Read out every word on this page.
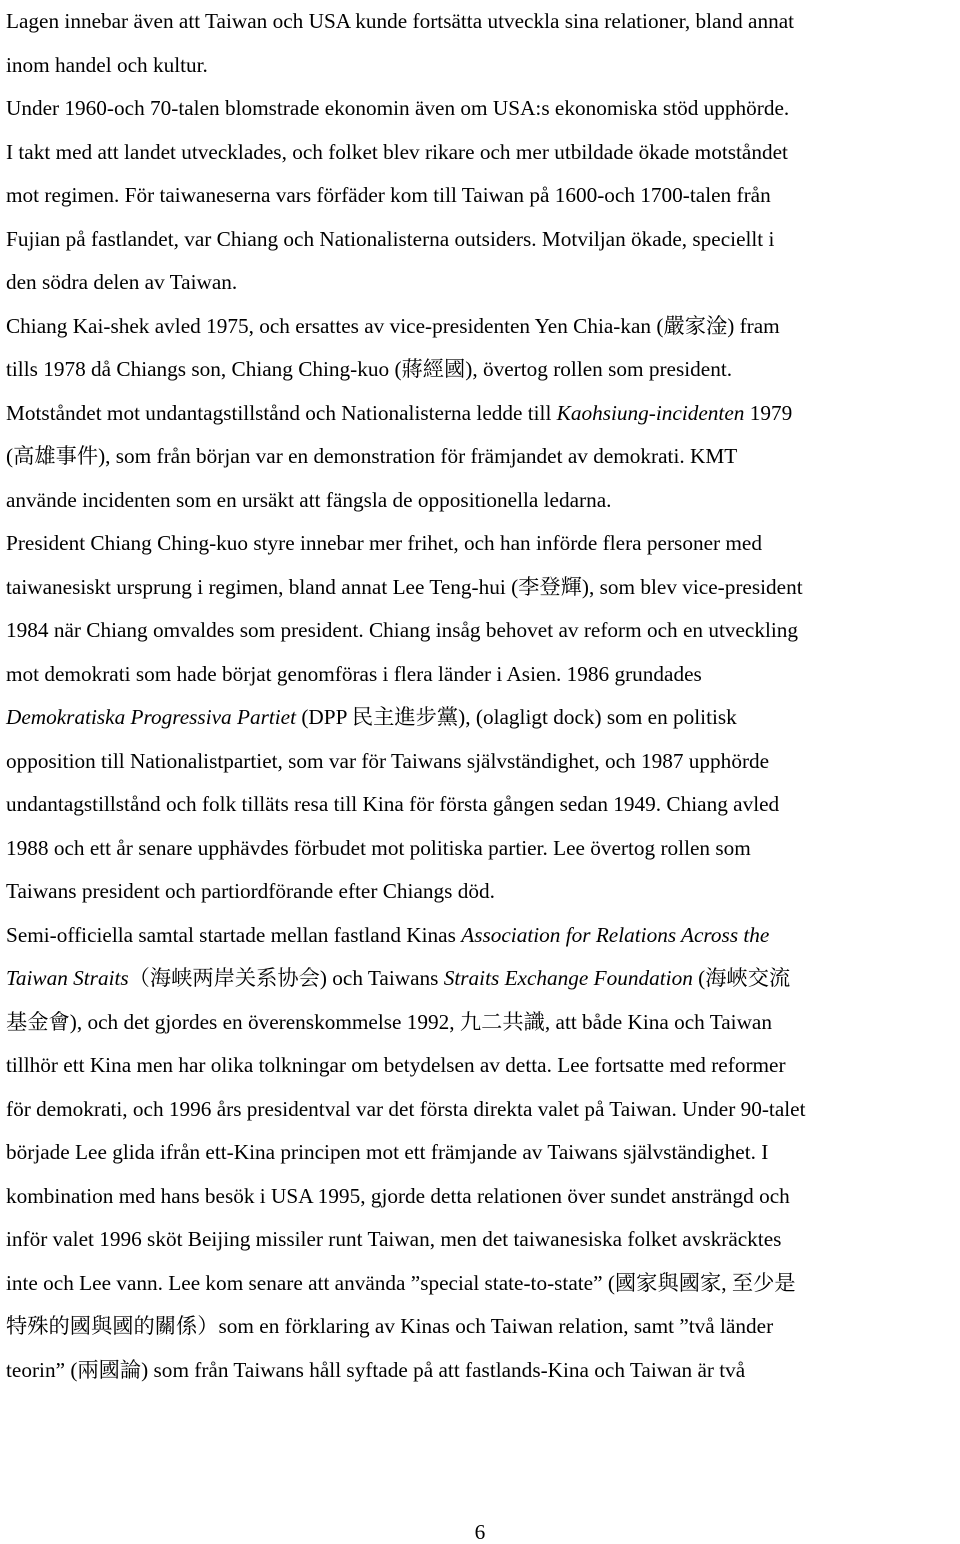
Lagen innebar även att Taiwan och USA kunde fortsätta utveckla sina relationer, bland annat
inom handel och kultur.
Under 1960-och 70-talen blomstrade ekonomin även om USA:s ekonomiska stöd upphörde.
I takt med att landet utvecklades, och folket blev rikare och mer utbildade ökade motståndet
mot regimen. För taiwaneserna vars förfäder kom till Taiwan på 1600-och 1700-talen från
Fujian på fastlandet, var Chiang och Nationalisterna outsiders. Motviljan ökade, speciellt i
den södra delen av Taiwan.
Chiang Kai-shek avled 1975, och ersattes av vice-presidenten Yen Chia-kan (嚴家淦) fram
tills 1978 då Chiangs son, Chiang Ching-kuo (蔣經國), övertog rollen som president.
Motståndet mot undantagstillstånd och Nationalisterna ledde till Kaohsiung-incidenten 1979
(高雄事件), som från början var en demonstration för främjandet av demokrati. KMT
använde incidenten som en ursäkt att fängsla de oppositionella ledarna.
President Chiang Ching-kuo styre innebar mer frihet, och han införde flera personer med
taiwanesiskt ursprung i regimen, bland annat Lee Teng-hui (李登輝), som blev vice-president
1984 när Chiang omvaldes som president. Chiang insåg behovet av reform och en utveckling
mot demokrati som hade börjat genomföras i flera länder i Asien. 1986 grundades
Demokratiska Progressiva Partiet (DPP 民主進步黨), (olagligt dock) som en politisk
opposition till Nationalistpartiet, som var för Taiwans självständighet, och 1987 upphörde
undantagstillstånd och folk tilläts resa till Kina för första gången sedan 1949. Chiang avled
1988 och ett år senare upphävdes förbudet mot politiska partier. Lee övertog rollen som
Taiwans president och partiordförande efter Chiangs död.
Semi-officiella samtal startade mellan fastland Kinas Association for Relations Across the
Taiwan Straits（海峡两岸关系协会) och Taiwans Straits Exchange Foundation (海峽交流
基金會), och det gjordes en överenskommelse 1992, 九二共識, att både Kina och Taiwan
tillhör ett Kina men har olika tolkningar om betydelsen av detta. Lee fortsatte med reformer
för demokrati, och 1996 års presidentval var det första direkta valet på Taiwan. Under 90-talet
började Lee glida ifrån ett-Kina principen mot ett främjande av Taiwans självständighet. I
kombination med hans besök i USA 1995, gjorde detta relationen över sundet ansträngd och
inför valet 1996 sköt Beijing missiler runt Taiwan, men det taiwanesiska folket avskräcktes
inte och Lee vann. Lee kom senare att använda ”special state-to-state” (國家與國家, 至少是
特殊的國與國的關係）som en förklaring av Kinas och Taiwan relation, samt ”två länder
teorin” (兩國論) som från Taiwans håll syftade på att fastlands-Kina och Taiwan är två
6
